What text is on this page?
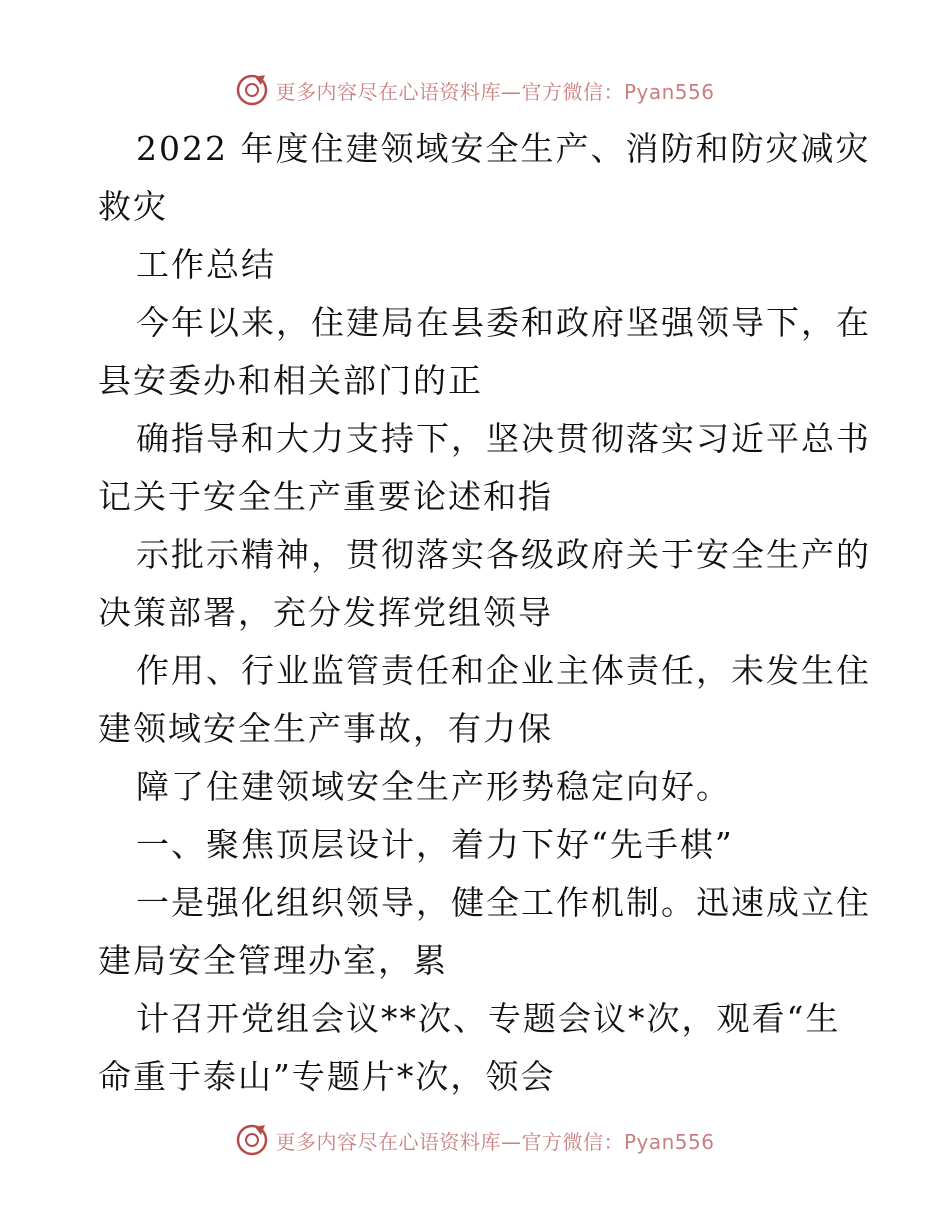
更多内容尽在心语资料库—官方微信：Pyan556
2022 年度住建领域安全生产、消防和防灾减灾
救灾
工作总结
今年以来，住建局在县委和政府坚强领导下，在
县安委办和相关部门的正
确指导和大力支持下，坚决贯彻落实习近平总书
记关于安全生产重要论述和指
示批示精神，贯彻落实各级政府关于安全生产的
决策部署，充分发挥党组领导
作用、行业监管责任和企业主体责任，未发生住
建领域安全生产事故，有力保
障了住建领域安全生产形势稳定向好。
一、聚焦顶层设计，着力下好“先手棋”
一是强化组织领导，健全工作机制。迅速成立住
建局安全管理办室，累
计召开党组会议**次、专题会议*次，观看“生
命重于泰山”专题片*次，领会
更多内容尽在心语资料库—官方微信：Pyan556
